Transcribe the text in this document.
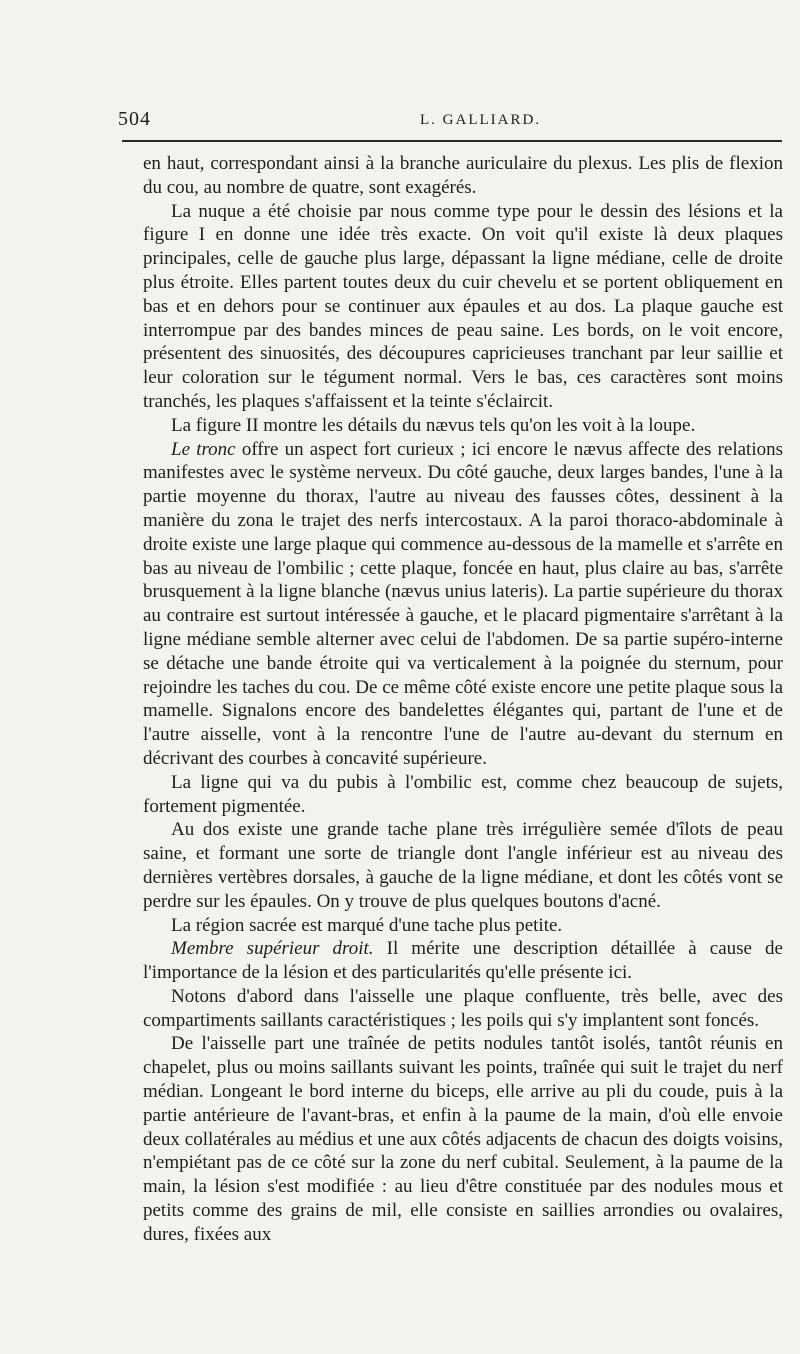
504	L. GALLIARD.

en haut, correspondant ainsi à la branche auriculaire du plexus. Les plis de flexion du cou, au nombre de quatre, sont exagérés.

La nuque a été choisie par nous comme type pour le dessin des lésions et la figure I en donne une idée très exacte. On voit qu'il existe là deux plaques principales, celle de gauche plus large, dépassant la ligne médiane, celle de droite plus étroite. Elles partent toutes deux du cuir chevelu et se portent obliquement en bas et en dehors pour se continuer aux épaules et au dos. La plaque gauche est interrompue par des bandes minces de peau saine. Les bords, on le voit encore, présentent des sinuosités, des découpures capricieuses tranchant par leur saillie et leur coloration sur le tégument normal. Vers le bas, ces caractères sont moins tranchés, les plaques s'affaissent et la teinte s'éclaircit.

La figure II montre les détails du nævus tels qu'on les voit à la loupe.

Le tronc offre un aspect fort curieux ; ici encore le nævus affecte des relations manifestes avec le système nerveux. Du côté gauche, deux larges bandes, l'une à la partie moyenne du thorax, l'autre au niveau des fausses côtes, dessinent à la manière du zona le trajet des nerfs intercostaux. A la paroi thoraco-abdominale à droite existe une large plaque qui commence au-dessous de la mamelle et s'arrête en bas au niveau de l'ombilic ; cette plaque, foncée en haut, plus claire au bas, s'arrête brusquement à la ligne blanche (nævus unius lateris). La partie supérieure du thorax au contraire est surtout intéressée à gauche, et le placard pigmentaire s'arrêtant à la ligne médiane semble alterner avec celui de l'abdomen. De sa partie supéro-interne se détache une bande étroite qui va verticalement à la poignée du sternum, pour rejoindre les taches du cou. De ce même côté existe encore une petite plaque sous la mamelle. Signalons encore des bandelettes élégantes qui, partant de l'une et de l'autre aisselle, vont à la rencontre l'une de l'autre au-devant du sternum en décrivant des courbes à concavité supérieure.

La ligne qui va du pubis à l'ombilic est, comme chez beaucoup de sujets, fortement pigmentée.

Au dos existe une grande tache plane très irrégulière semée d'îlots de peau saine, et formant une sorte de triangle dont l'angle inférieur est au niveau des dernières vertèbres dorsales, à gauche de la ligne médiane, et dont les côtés vont se perdre sur les épaules. On y trouve de plus quelques boutons d'acné.

La région sacrée est marqué d'une tache plus petite.

Membre supérieur droit. Il mérite une description détaillée à cause de l'importance de la lésion et des particularités qu'elle présente ici.

Notons d'abord dans l'aisselle une plaque confluente, très belle, avec des compartiments saillants caractéristiques ; les poils qui s'y implantent sont foncés.

De l'aisselle part une traînée de petits nodules tantôt isolés, tantôt réunis en chapelet, plus ou moins saillants suivant les points, traînée qui suit le trajet du nerf médian. Longeant le bord interne du biceps, elle arrive au pli du coude, puis à la partie antérieure de l'avant-bras, et enfin à la paume de la main, d'où elle envoie deux collatérales au médius et une aux côtés adjacents de chacun des doigts voisins, n'empiétant pas de ce côté sur la zone du nerf cubital. Seulement, à la paume de la main, la lésion s'est modifiée : au lieu d'être constituée par des nodules mous et petits comme des grains de mil, elle consiste en saillies arrondies ou ovalaires, dures, fixées aux
